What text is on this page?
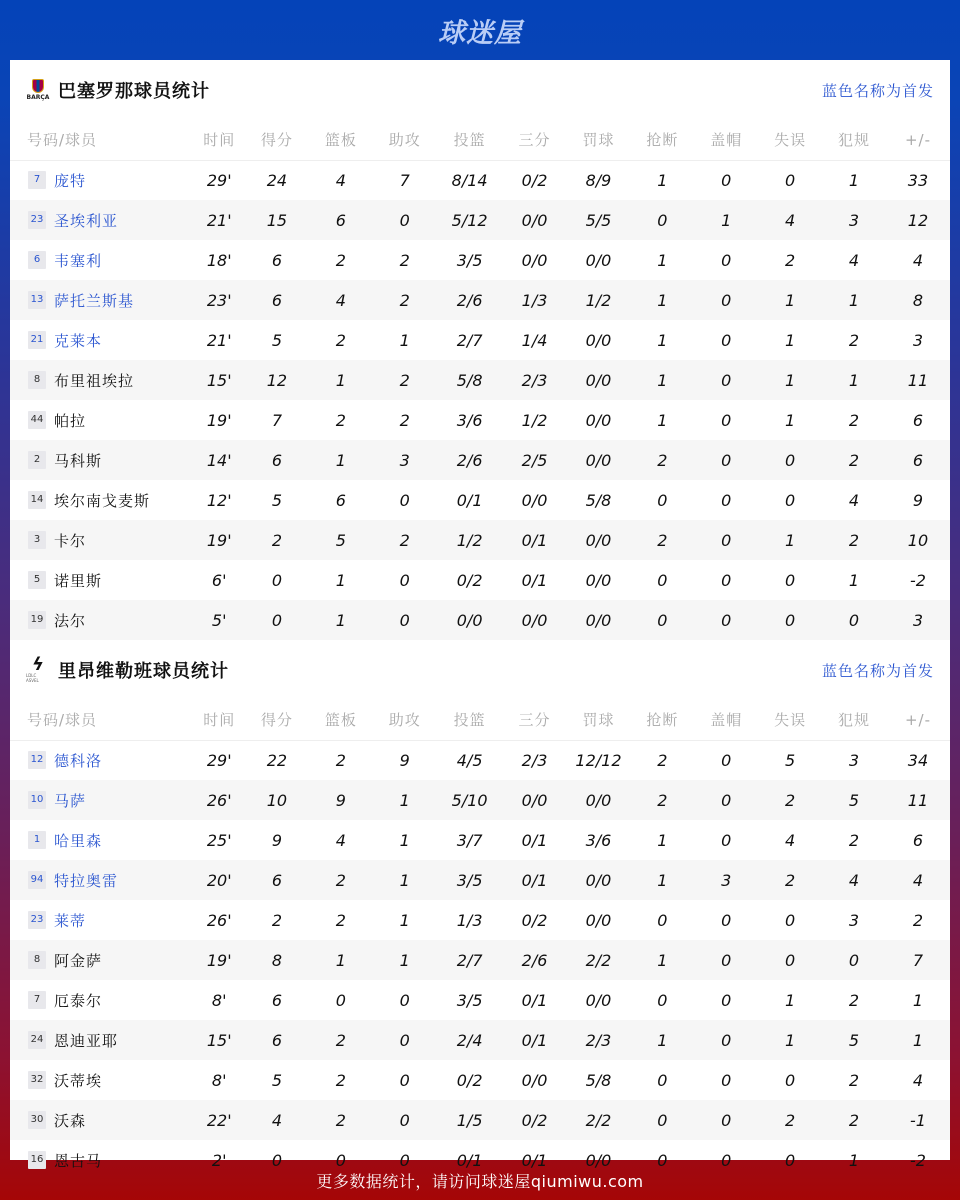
球迷屋
BARÇA 巴塞罗那球员统计	蓝色名称为首发
号码/球员	时间	得分	篮板	助攻	投篮	三分	罚球	抢断	盖帽	失误	犯规	+/-
7 庞特	29'	24	4	7	8/14	0/2	8/9	1	0	0	1	33
23 圣埃利亚	21'	15	6	0	5/12	0/0	5/5	0	1	4	3	12
6 韦塞利	18'	6	2	2	3/5	0/0	0/0	1	0	2	4	4
13 萨托兰斯基	23'	6	4	2	2/6	1/3	1/2	1	0	1	1	8
21 克莱本	21'	5	2	1	2/7	1/4	0/0	1	0	1	2	3
8 布里祖埃拉	15'	12	1	2	5/8	2/3	0/0	1	0	1	1	11
44 帕拉	19'	7	2	2	3/6	1/2	0/0	1	0	1	2	6
2 马科斯	14'	6	1	3	2/6	2/5	0/0	2	0	0	2	6
14 埃尔南戈麦斯	12'	5	6	0	0/1	0/0	5/8	0	0	0	4	9
3 卡尔	19'	2	5	2	1/2	0/1	0/0	2	0	1	2	10
5 诺里斯	6'	0	1	0	0/2	0/1	0/0	0	0	0	1	-2
19 法尔	5'	0	1	0	0/0	0/0	0/0	0	0	0	0	3
ϟ
LDLC ASVEL	里昂维勒班球员统计	蓝色名称为首发
号码/球员	时间	得分	篮板	助攻	投篮	三分	罚球	抢断	盖帽	失误	犯规	+/-
12 德科洛	29'	22	2	9	4/5	2/3	12/12	2	0	5	3	34
10 马萨	26'	10	9	1	5/10	0/0	0/0	2	0	2	5	11
1 哈里森	25'	9	4	1	3/7	0/1	3/6	1	0	4	2	6
94 特拉奥雷	20'	6	2	1	3/5	0/1	0/0	1	3	2	4	4
23 莱蒂	26'	2	2	1	1/3	0/2	0/0	0	0	0	3	2
8 阿金萨	19'	8	1	1	2/7	2/6	2/2	1	0	0	0	7
7 厄泰尔	8'	6	0	0	3/5	0/1	0/0	0	0	1	2	1
24 恩迪亚耶	15'	6	2	0	2/4	0/1	2/3	1	0	1	5	1
32 沃蒂埃	8'	5	2	0	0/2	0/0	5/8	0	0	0	2	4
30 沃森	22'	4	2	0	1/5	0/2	2/2	0	0	2	2	-1
16 恩古马	2'	0	0	0	0/1	0/1	0/0	0	0	0	1	-2
更多数据统计，请访问球迷屋qiumiwu.com
